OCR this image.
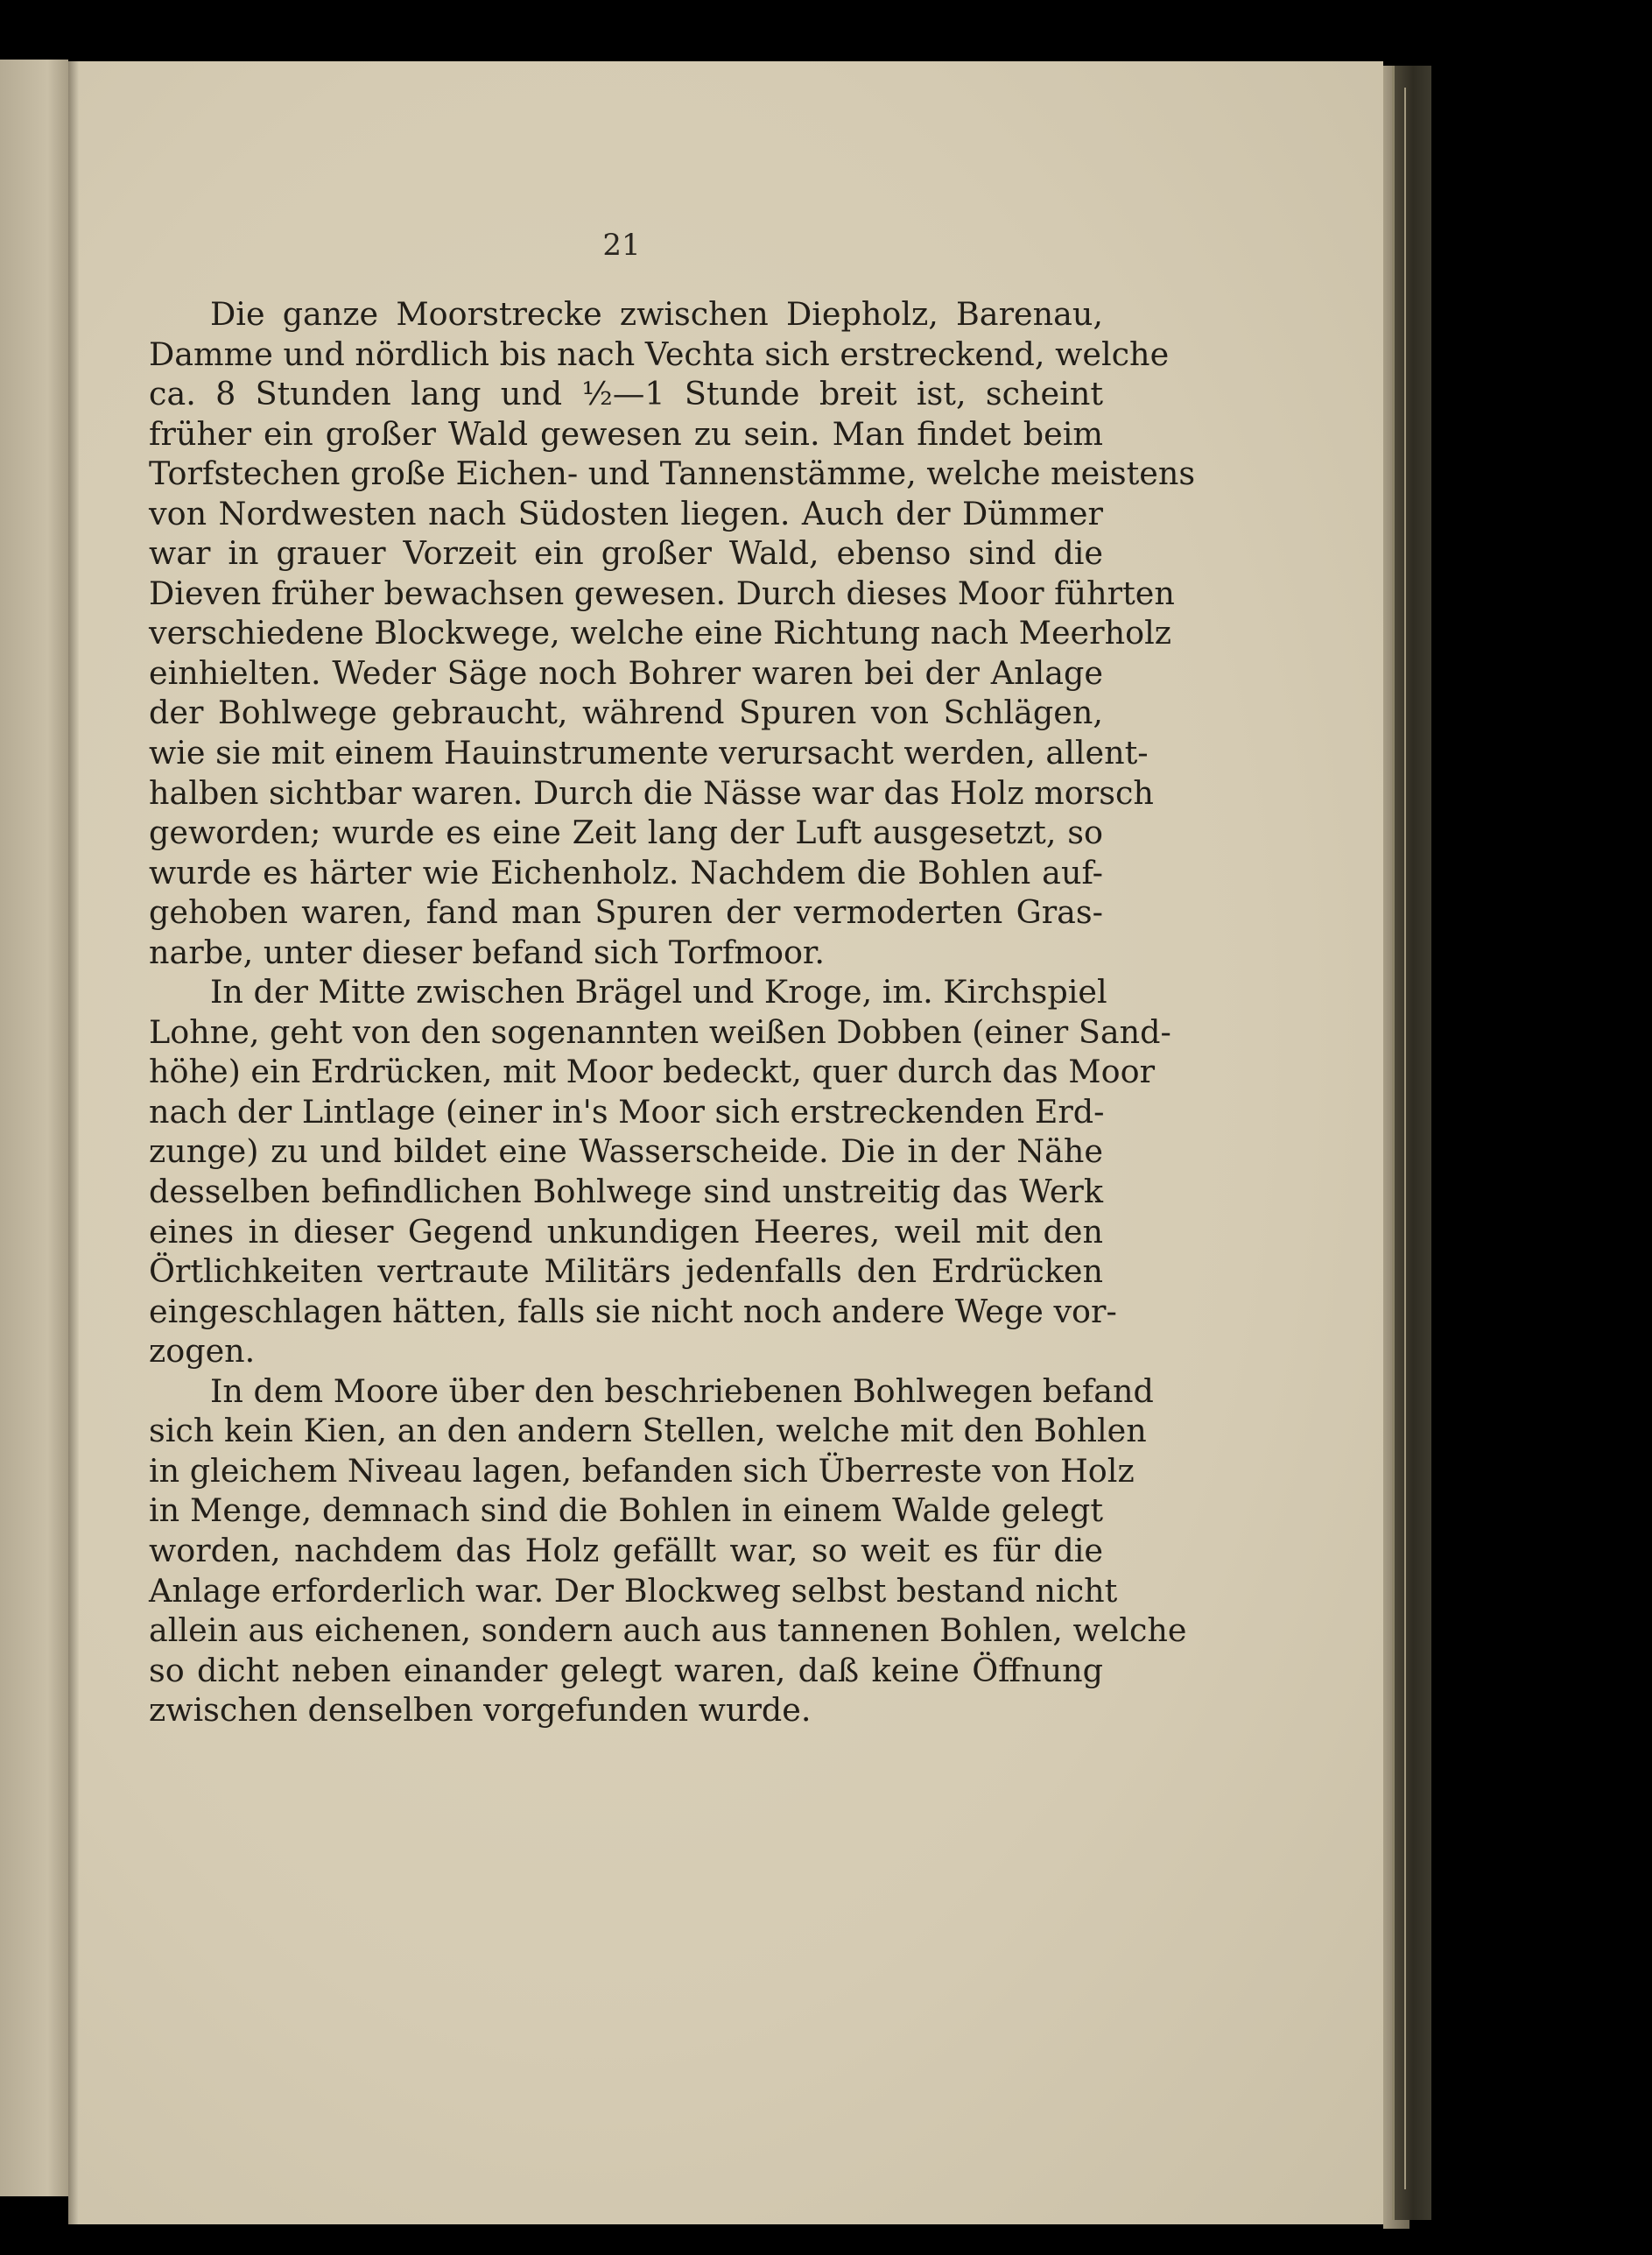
21
Die ganze Moorstrecke zwischen Diepholz, Barenau,
Damme und nördlich bis nach Vechta sich erstreckend, welche
ca. 8 Stunden lang und ½—1 Stunde breit ist, scheint
früher ein großer Wald gewesen zu sein. Man findet beim
Torfstechen große Eichen- und Tannenstämme, welche meistens
von Nordwesten nach Südosten liegen. Auch der Dümmer
war in grauer Vorzeit ein großer Wald, ebenso sind die
Dieven früher bewachsen gewesen. Durch dieses Moor führten
verschiedene Blockwege, welche eine Richtung nach Meerholz
einhielten. Weder Säge noch Bohrer waren bei der Anlage
der Bohlwege gebraucht, während Spuren von Schlägen,
wie sie mit einem Hauinstrumente verursacht werden, allent-
halben sichtbar waren. Durch die Nässe war das Holz morsch
geworden; wurde es eine Zeit lang der Luft ausgesetzt, so
wurde es härter wie Eichenholz. Nachdem die Bohlen auf-
gehoben waren, fand man Spuren der vermoderten Gras-
narbe, unter dieser befand sich Torfmoor.
In der Mitte zwischen Brägel und Kroge, im. Kirchspiel
Lohne, geht von den sogenannten weißen Dobben (einer Sand-
höhe) ein Erdrücken, mit Moor bedeckt, quer durch das Moor
nach der Lintlage (einer in's Moor sich erstreckenden Erd-
zunge) zu und bildet eine Wasserscheide. Die in der Nähe
desselben befindlichen Bohlwege sind unstreitig das Werk
eines in dieser Gegend unkundigen Heeres, weil mit den
Örtlichkeiten vertraute Militärs jedenfalls den Erdrücken
eingeschlagen hätten, falls sie nicht noch andere Wege vor-
zogen.
In dem Moore über den beschriebenen Bohlwegen befand
sich kein Kien, an den andern Stellen, welche mit den Bohlen
in gleichem Niveau lagen, befanden sich Überreste von Holz
in Menge, demnach sind die Bohlen in einem Walde gelegt
worden, nachdem das Holz gefällt war, so weit es für die
Anlage erforderlich war. Der Blockweg selbst bestand nicht
allein aus eichenen, sondern auch aus tannenen Bohlen, welche
so dicht neben einander gelegt waren, daß keine Öffnung
zwischen denselben vorgefunden wurde.
